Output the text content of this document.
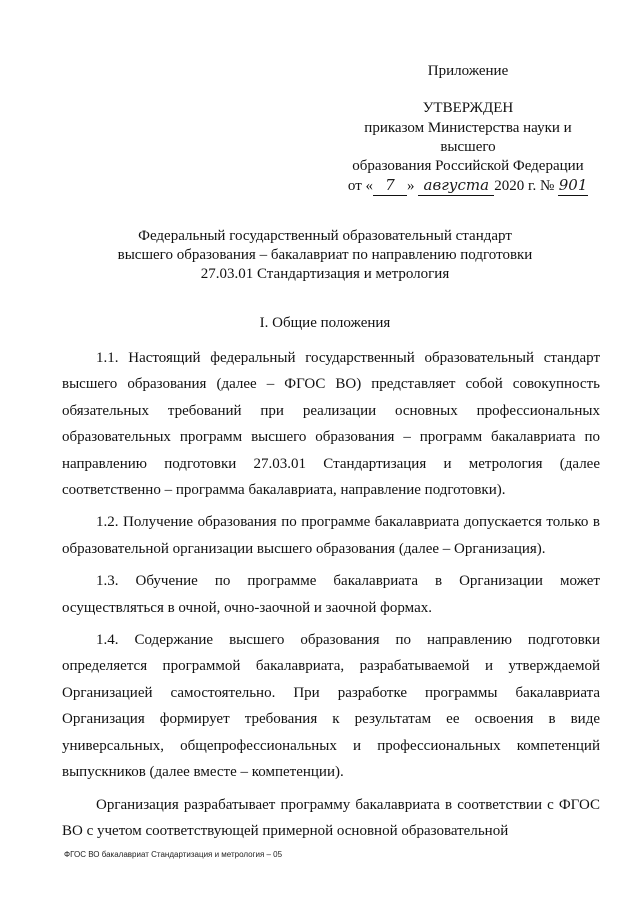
Приложение
УТВЕРЖДЕН
приказом Министерства науки и высшего
образования Российской Федерации
от « 7 » августа 2020 г. № 901
Федеральный государственный образовательный стандарт
высшего образования – бакалавриат по направлению подготовки
27.03.01 Стандартизация и метрология
I. Общие положения

1.1. Настоящий федеральный государственный образовательный стандарт высшего образования (далее – ФГОС ВО) представляет собой совокупность обязательных требований при реализации основных профессиональных образовательных программ высшего образования – программ бакалавриата по направлению подготовки 27.03.01 Стандартизация и метрология (далее соответственно – программа бакалавриата, направление подготовки).

1.2. Получение образования по программе бакалавриата допускается только в образовательной организации высшего образования (далее – Организация).

1.3. Обучение по программе бакалавриата в Организации может осуществляться в очной, очно-заочной и заочной формах.

1.4. Содержание высшего образования по направлению подготовки определяется программой бакалавриата, разрабатываемой и утверждаемой Организацией самостоятельно. При разработке программы бакалавриата Организация формирует требования к результатам ее освоения в виде универсальных, общепрофессиональных и профессиональных компетенций выпускников (далее вместе – компетенции).

Организация разрабатывает программу бакалавриата в соответствии с ФГОС ВО с учетом соответствующей примерной основной образовательной

ФГОС ВО бакалавриат Стандартизация и метрология – 05
